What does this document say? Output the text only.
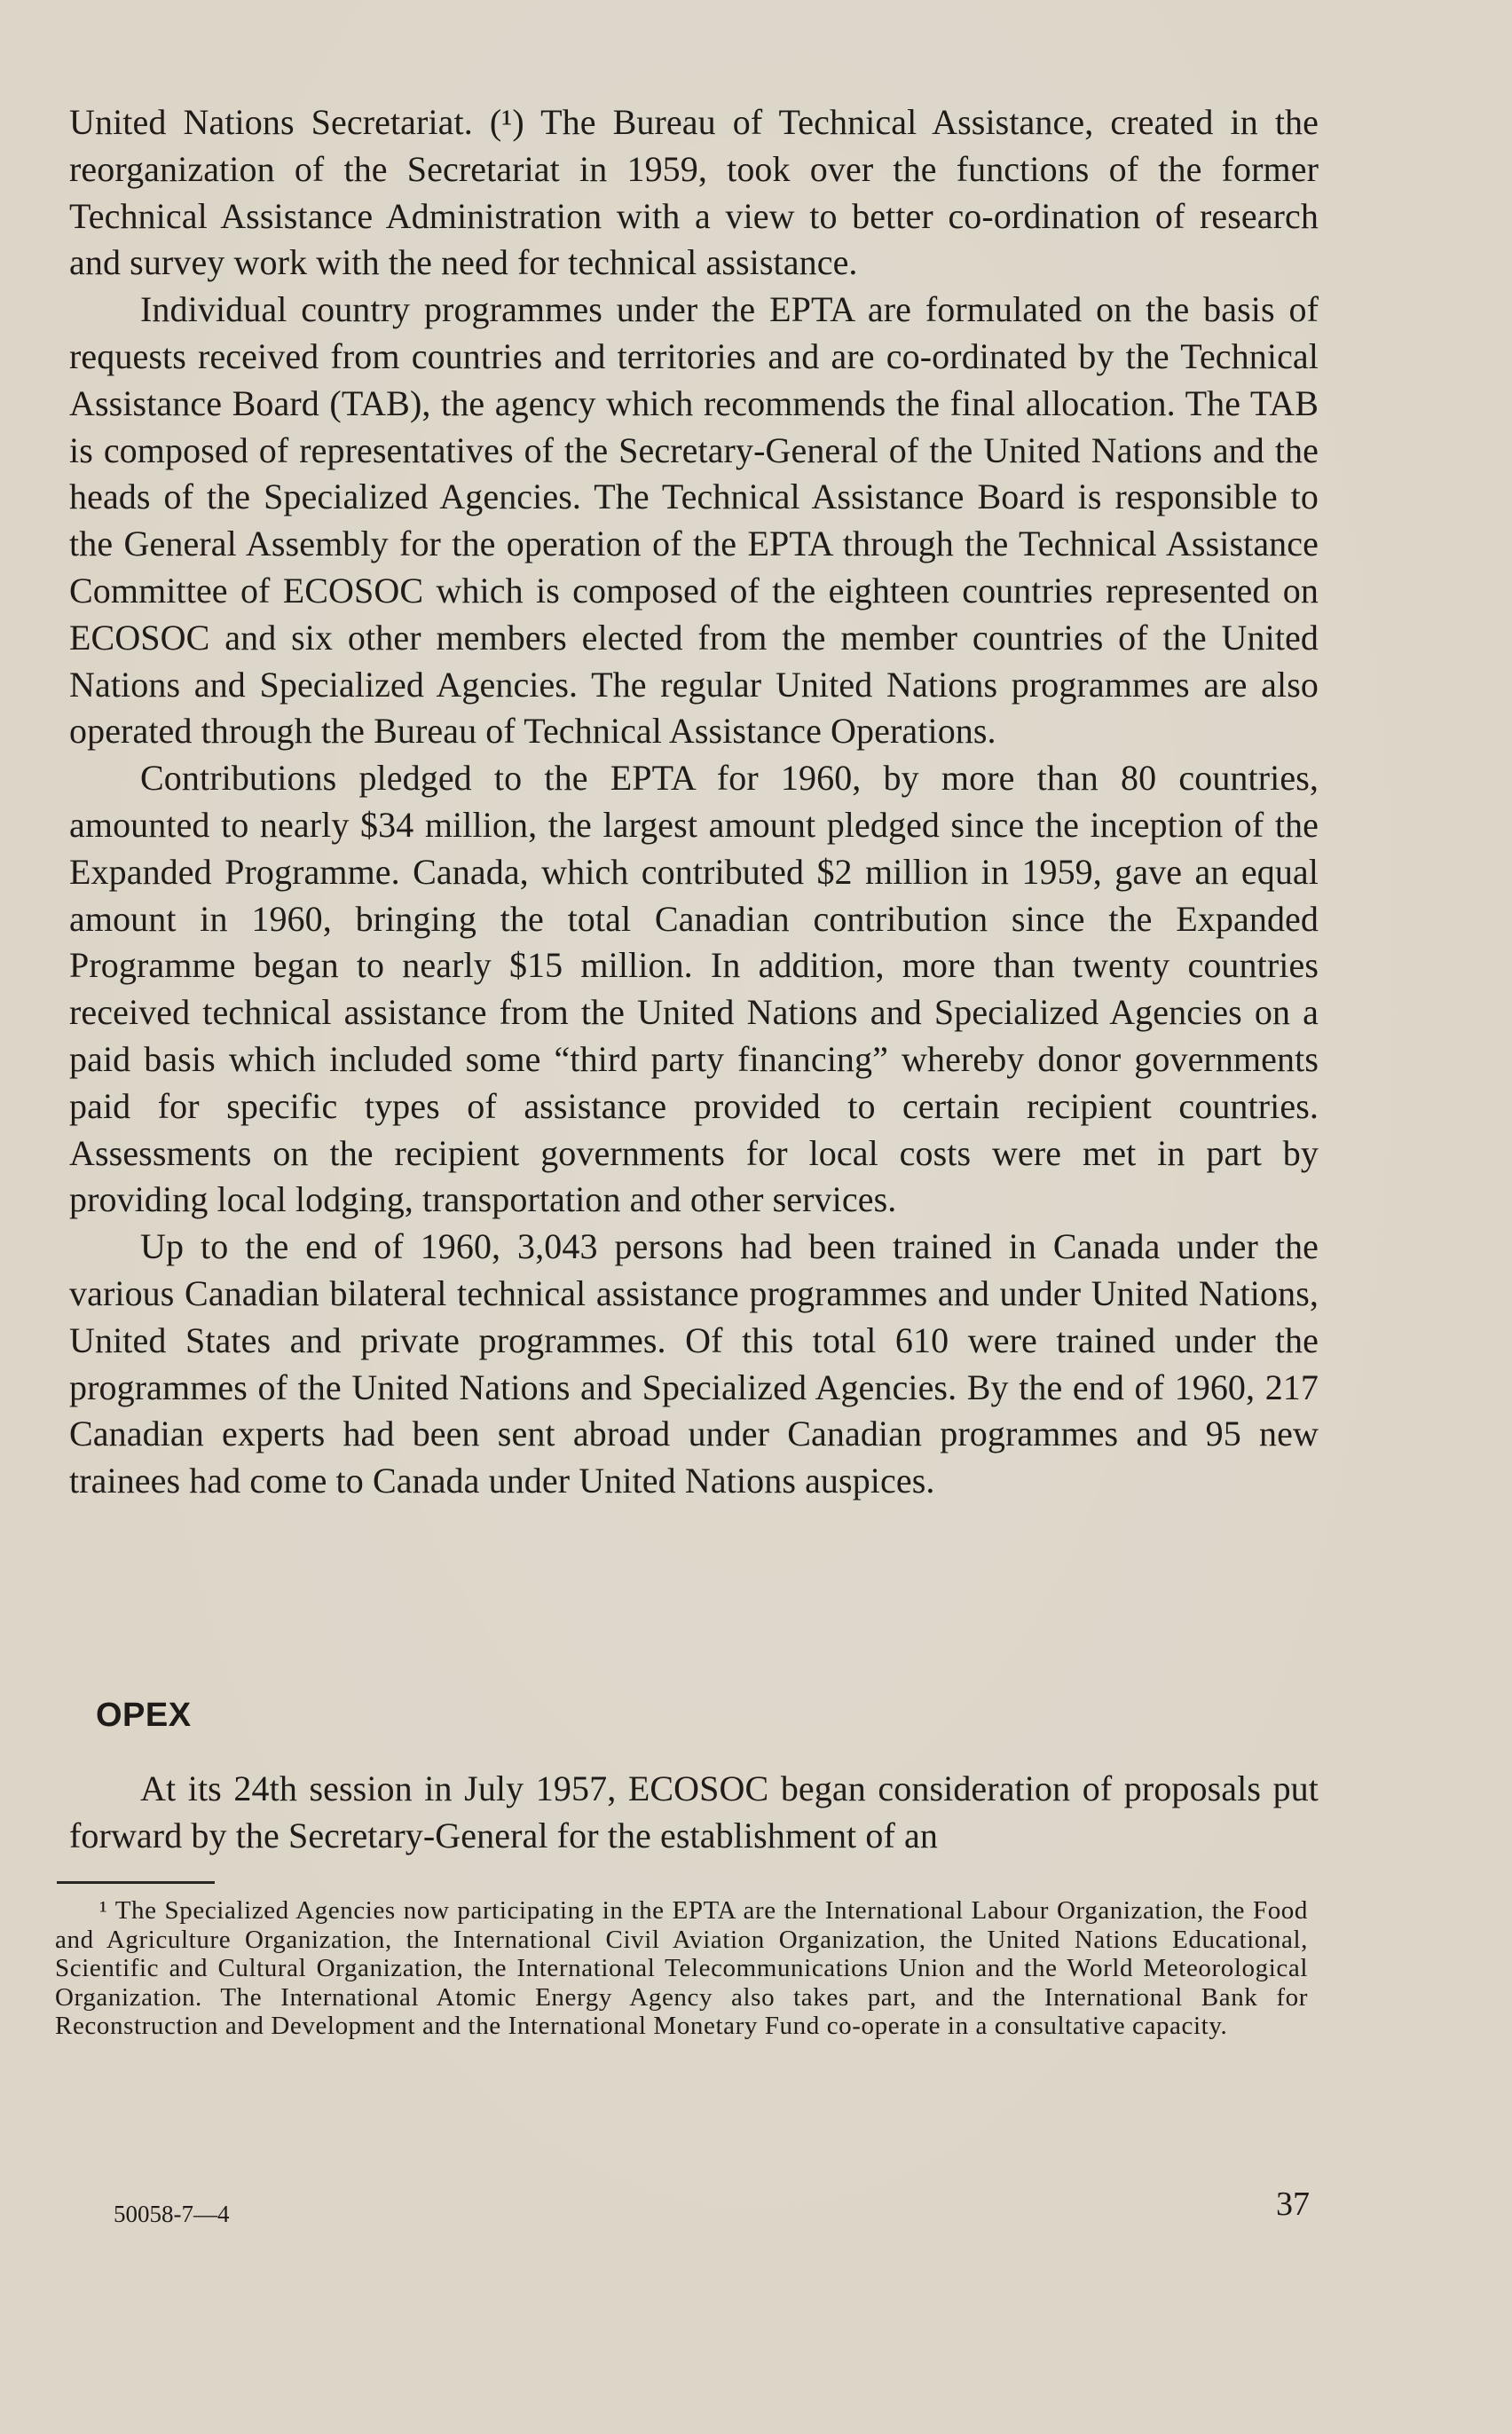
United Nations Secretariat. (¹) The Bureau of Technical Assistance, created in the reorganization of the Secretariat in 1959, took over the functions of the former Technical Assistance Administration with a view to better co-ordination of research and survey work with the need for technical assistance.

Individual country programmes under the EPTA are formulated on the basis of requests received from countries and territories and are co-ordinated by the Technical Assistance Board (TAB), the agency which recommends the final allocation. The TAB is composed of representatives of the Secretary-General of the United Nations and the heads of the Specialized Agencies. The Technical Assistance Board is responsible to the General Assembly for the operation of the EPTA through the Technical Assistance Committee of ECOSOC which is composed of the eighteen countries represented on ECOSOC and six other members elected from the member countries of the United Nations and Specialized Agencies. The regular United Nations programmes are also operated through the Bureau of Technical Assistance Operations.

Contributions pledged to the EPTA for 1960, by more than 80 countries, amounted to nearly $34 million, the largest amount pledged since the inception of the Expanded Programme. Canada, which contributed $2 million in 1959, gave an equal amount in 1960, bringing the total Canadian contribution since the Expanded Programme began to nearly $15 million. In addition, more than twenty countries received technical assistance from the United Nations and Specialized Agencies on a paid basis which included some “third party financing” whereby donor governments paid for specific types of assistance provided to certain recipient countries. Assessments on the recipient governments for local costs were met in part by providing local lodging, transportation and other services.

Up to the end of 1960, 3,043 persons had been trained in Canada under the various Canadian bilateral technical assistance programmes and under United Nations, United States and private programmes. Of this total 610 were trained under the programmes of the United Nations and Specialized Agencies. By the end of 1960, 217 Canadian experts had been sent abroad under Canadian programmes and 95 new trainees had come to Canada under United Nations auspices.

OPEX

At its 24th session in July 1957, ECOSOC began consideration of proposals put forward by the Secretary-General for the establishment of an

¹ The Specialized Agencies now participating in the EPTA are the International Labour Organization, the Food and Agriculture Organization, the International Civil Aviation Organization, the United Nations Educational, Scientific and Cultural Organization, the International Telecommunications Union and the World Meteorological Organization. The International Atomic Energy Agency also takes part, and the International Bank for Reconstruction and Development and the International Monetary Fund co-operate in a consultative capacity.

37

50058-7—4
